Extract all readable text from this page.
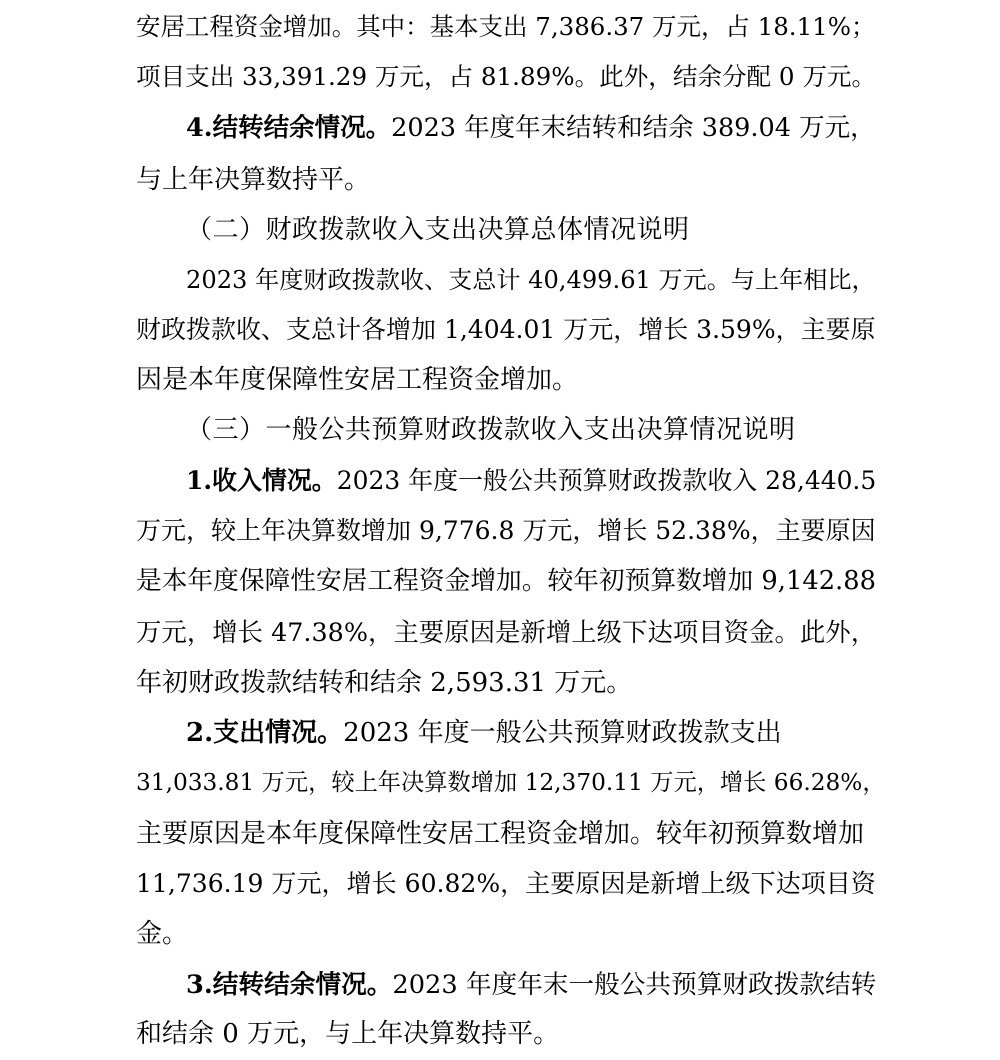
安居工程资金增加。其中：基本支出 7,386.37 万元，占 18.11%；
项目支出 33,391.29 万元，占 81.89%。此外，结余分配 0 万元。
4.结转结余情况。2023 年度年末结转和结余 389.04 万元，
与上年决算数持平。
（二）财政拨款收入支出决算总体情况说明
2023 年度财政拨款收、支总计 40,499.61 万元。与上年相比，
财政拨款收、支总计各增加 1,404.01 万元，增长 3.59%，主要原
因是本年度保障性安居工程资金增加。
（三）一般公共预算财政拨款收入支出决算情况说明
1.收入情况。2023 年度一般公共预算财政拨款收入 28,440.5
万元，较上年决算数增加 9,776.8 万元，增长 52.38%，主要原因
是本年度保障性安居工程资金增加。较年初预算数增加 9,142.88
万元，增长 47.38%，主要原因是新增上级下达项目资金。此外，
年初财政拨款结转和结余 2,593.31 万元。
2.支出情况。2023 年度一般公共预算财政拨款支出
31,033.81 万元，较上年决算数增加 12,370.11 万元，增长 66.28%，
主要原因是本年度保障性安居工程资金增加。较年初预算数增加
11,736.19 万元，增长 60.82%，主要原因是新增上级下达项目资
金。
3.结转结余情况。2023 年度年末一般公共预算财政拨款结转
和结余 0 万元，与上年决算数持平。
